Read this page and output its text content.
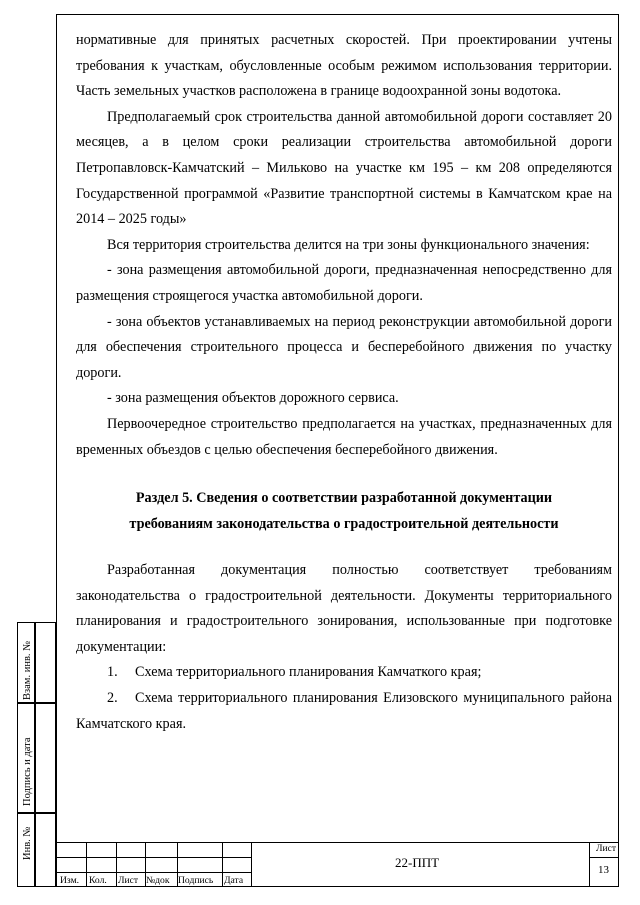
нормативные для принятых расчетных скоростей. При проектировании учтены требования к участкам, обусловленные особым режимом использования территории. Часть земельных участков расположена в границе водоохранной зоны водотока.

Предполагаемый срок строительства данной автомобильной дороги составляет 20 месяцев, а в целом сроки реализации строительства автомобильной дороги Петропавловск-Камчатский – Мильково на участке км 195 – км 208 определяются Государственной программой «Развитие транспортной системы в Камчатском крае на 2014 – 2025 годы»

Вся территория строительства делится на три зоны функционального значения:

- зона размещения автомобильной дороги, предназначенная непосредственно для размещения строящегося участка автомобильной дороги.

- зона объектов устанавливаемых на период реконструкции автомобильной дороги для обеспечения строительного процесса и бесперебойного движения по участку дороги.

- зона размещения объектов дорожного сервиса.

Первоочередное строительство предполагается на участках, предназначенных для временных объездов с целью обеспечения бесперебойного движения.

Раздел 5. Сведения о соответствии разработанной документации
требованиям законодательства о градостроительной деятельности

Разработанная документация полностью соответствует требованиям законодательства о градостроительной деятельности. Документы территориального планирования и градостроительного зонирования, использованные при подготовке документации:

1. Схема территориального планирования Камчаткого края;

2. Схема территориального планирования Елизовского муниципального района Камчатского края.

Взам. инв. №
Подпись и дата
Инв. №
Изм. Кол. Лист №док Подпись Дата
22-ППТ
Лист
13
